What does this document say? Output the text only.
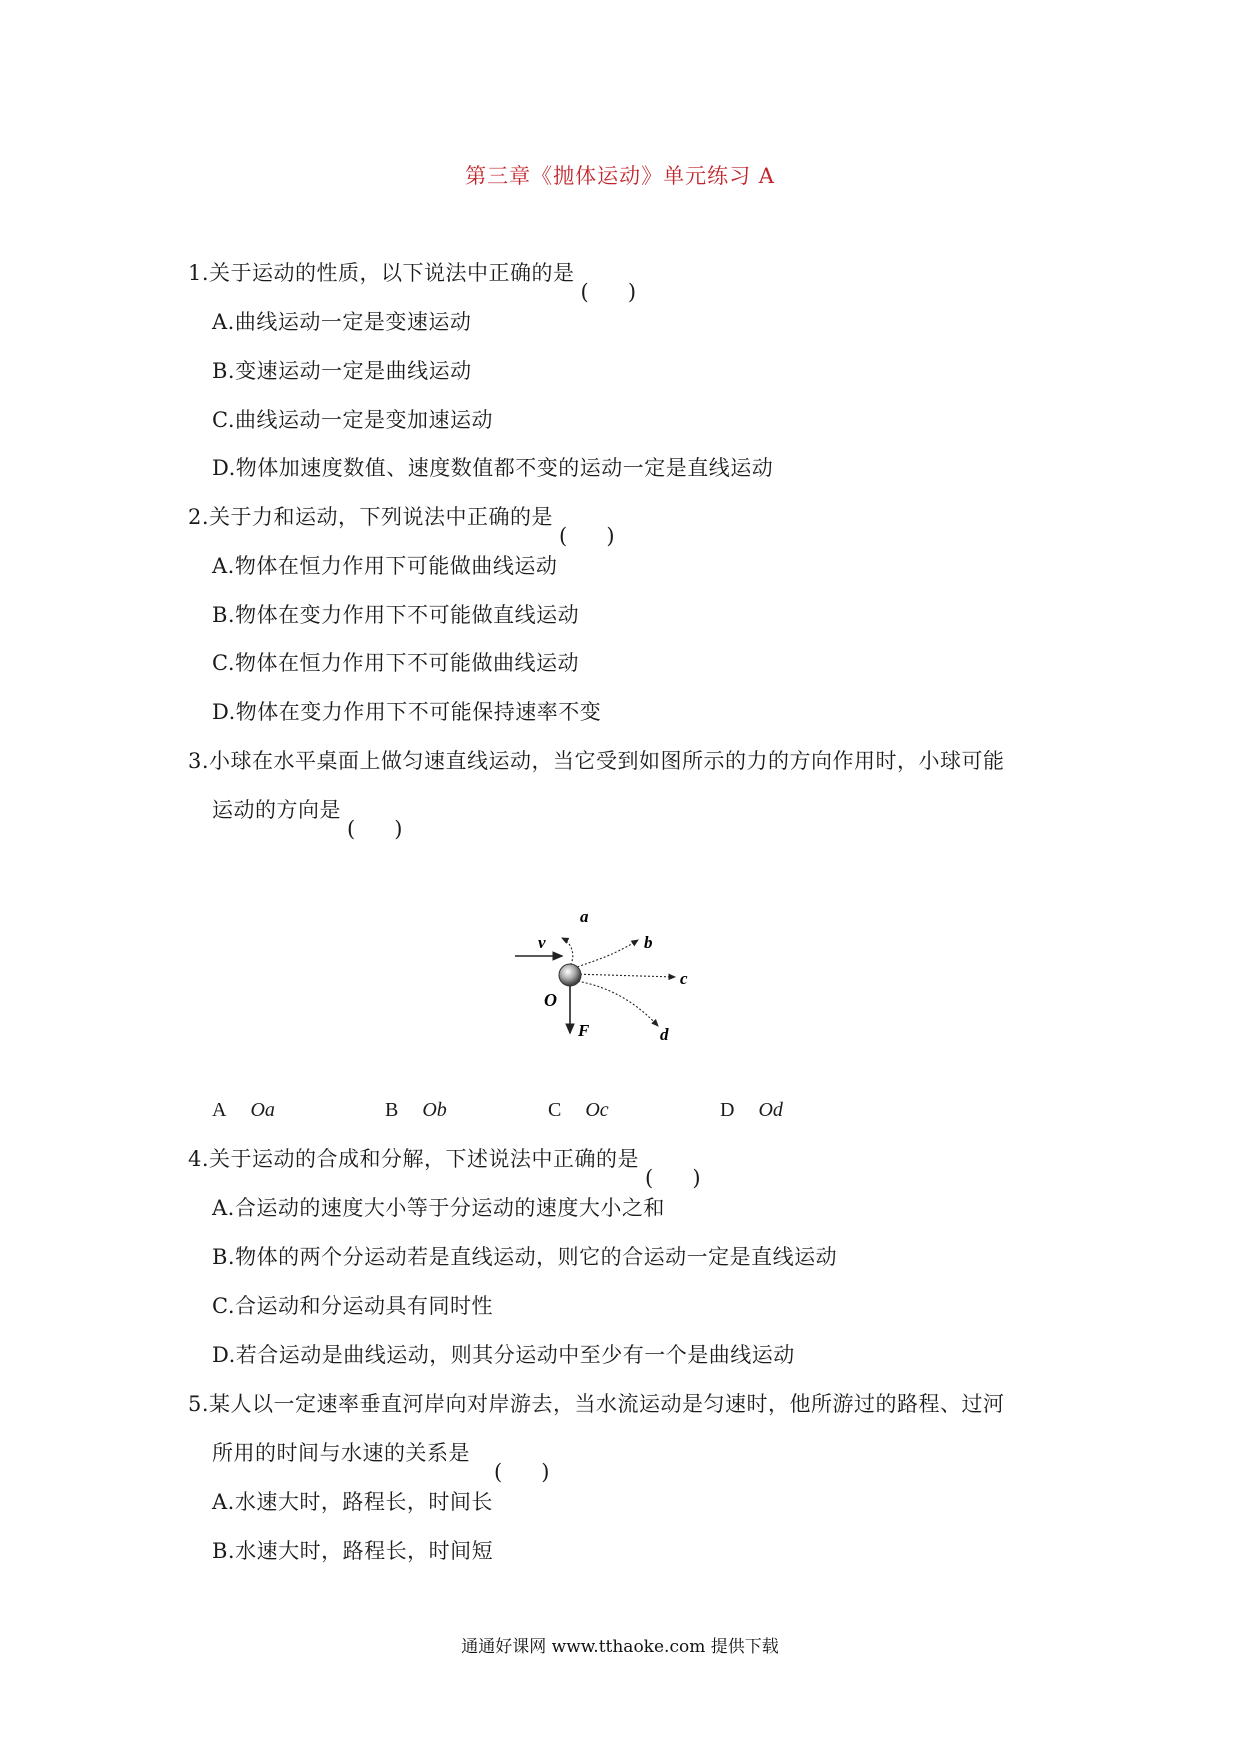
第三章《抛体运动》单元练习 A
1.关于运动的性质，以下说法中正确的是
A.曲线运动一定是变速运动
B.变速运动一定是曲线运动
C.曲线运动一定是变加速运动
D.物体加速度数值、速度数值都不变的运动一定是直线运动
2.关于力和运动，下列说法中正确的是
A.物体在恒力作用下可能做曲线运动
B.物体在变力作用下不可能做直线运动
C.物体在恒力作用下不可能做曲线运动
D.物体在变力作用下不可能保持速率不变
3.小球在水平桌面上做匀速直线运动，当它受到如图所示的力的方向作用时，小球可能
运动的方向是
v
a
b
c
d
O
F
A Oa	B Ob	C Oc	D Od
4.关于运动的合成和分解，下述说法中正确的是
A.合运动的速度大小等于分运动的速度大小之和
B.物体的两个分运动若是直线运动，则它的合运动一定是直线运动
C.合运动和分运动具有同时性
D.若合运动是曲线运动，则其分运动中至少有一个是曲线运动
5.某人以一定速率垂直河岸向对岸游去，当水流运动是匀速时，他所游过的路程、过河
所用的时间与水速的关系是
A.水速大时，路程长，时间长
B.水速大时，路程长，时间短
通通好课网 www.tthaoke.com 提供下载
